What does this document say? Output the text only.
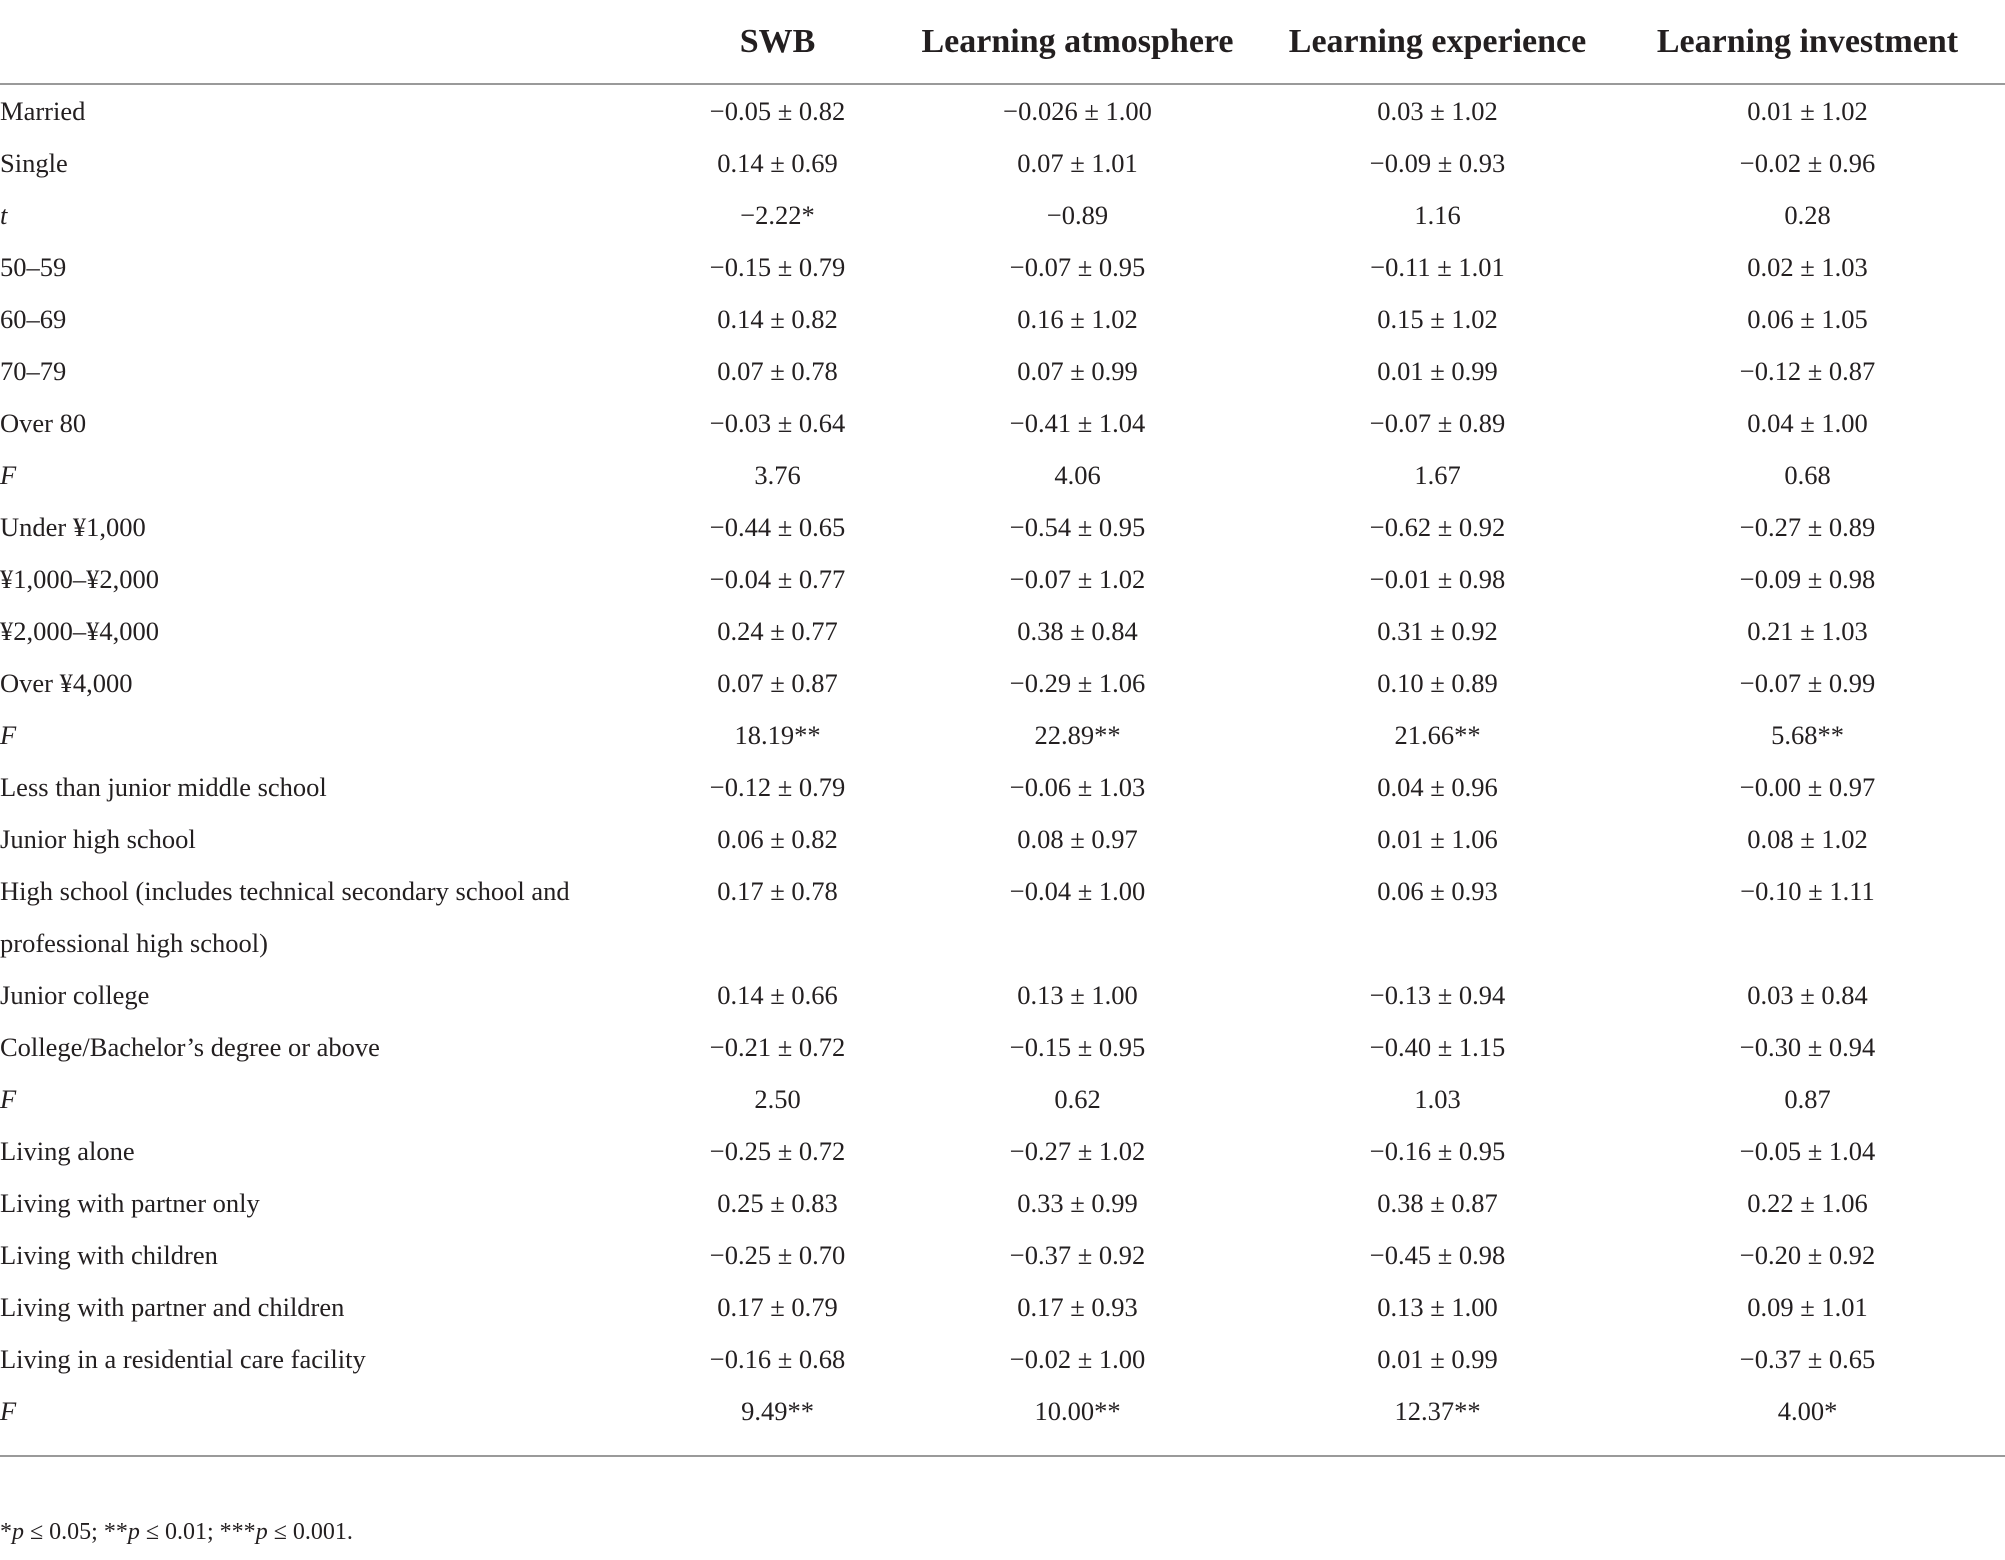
	SWB	Learning atmosphere	Learning experience	Learning investment
Married	−0.05 ± 0.82	−0.026 ± 1.00	0.03 ± 1.02	0.01 ± 1.02
Single	0.14 ± 0.69	0.07 ± 1.01	−0.09 ± 0.93	−0.02 ± 0.96
t	−2.22*	−0.89	1.16	0.28
50–59	−0.15 ± 0.79	−0.07 ± 0.95	−0.11 ± 1.01	0.02 ± 1.03
60–69	0.14 ± 0.82	0.16 ± 1.02	0.15 ± 1.02	0.06 ± 1.05
70–79	0.07 ± 0.78	0.07 ± 0.99	0.01 ± 0.99	−0.12 ± 0.87
Over 80	−0.03 ± 0.64	−0.41 ± 1.04	−0.07 ± 0.89	0.04 ± 1.00
F	3.76	4.06	1.67	0.68
Under ¥1,000	−0.44 ± 0.65	−0.54 ± 0.95	−0.62 ± 0.92	−0.27 ± 0.89
¥1,000–¥2,000	−0.04 ± 0.77	−0.07 ± 1.02	−0.01 ± 0.98	−0.09 ± 0.98
¥2,000–¥4,000	0.24 ± 0.77	0.38 ± 0.84	0.31 ± 0.92	0.21 ± 1.03
Over ¥4,000	0.07 ± 0.87	−0.29 ± 1.06	0.10 ± 0.89	−0.07 ± 0.99
F	18.19**	22.89**	21.66**	5.68**
Less than junior middle school	−0.12 ± 0.79	−0.06 ± 1.03	0.04 ± 0.96	−0.00 ± 0.97
Junior high school	0.06 ± 0.82	0.08 ± 0.97	0.01 ± 1.06	0.08 ± 1.02
High school (includes technical secondary school and professional high school)	0.17 ± 0.78	−0.04 ± 1.00	0.06 ± 0.93	−0.10 ± 1.11
Junior college	0.14 ± 0.66	0.13 ± 1.00	−0.13 ± 0.94	0.03 ± 0.84
College/Bachelor’s degree or above	−0.21 ± 0.72	−0.15 ± 0.95	−0.40 ± 1.15	−0.30 ± 0.94
F	2.50	0.62	1.03	0.87
Living alone	−0.25 ± 0.72	−0.27 ± 1.02	−0.16 ± 0.95	−0.05 ± 1.04
Living with partner only	0.25 ± 0.83	0.33 ± 0.99	0.38 ± 0.87	0.22 ± 1.06
Living with children	−0.25 ± 0.70	−0.37 ± 0.92	−0.45 ± 0.98	−0.20 ± 0.92
Living with partner and children	0.17 ± 0.79	0.17 ± 0.93	0.13 ± 1.00	0.09 ± 1.01
Living in a residential care facility	−0.16 ± 0.68	−0.02 ± 1.00	0.01 ± 0.99	−0.37 ± 0.65
F	9.49**	10.00**	12.37**	4.00*
*p ≤ 0.05; **p ≤ 0.01; ***p ≤ 0.001.
